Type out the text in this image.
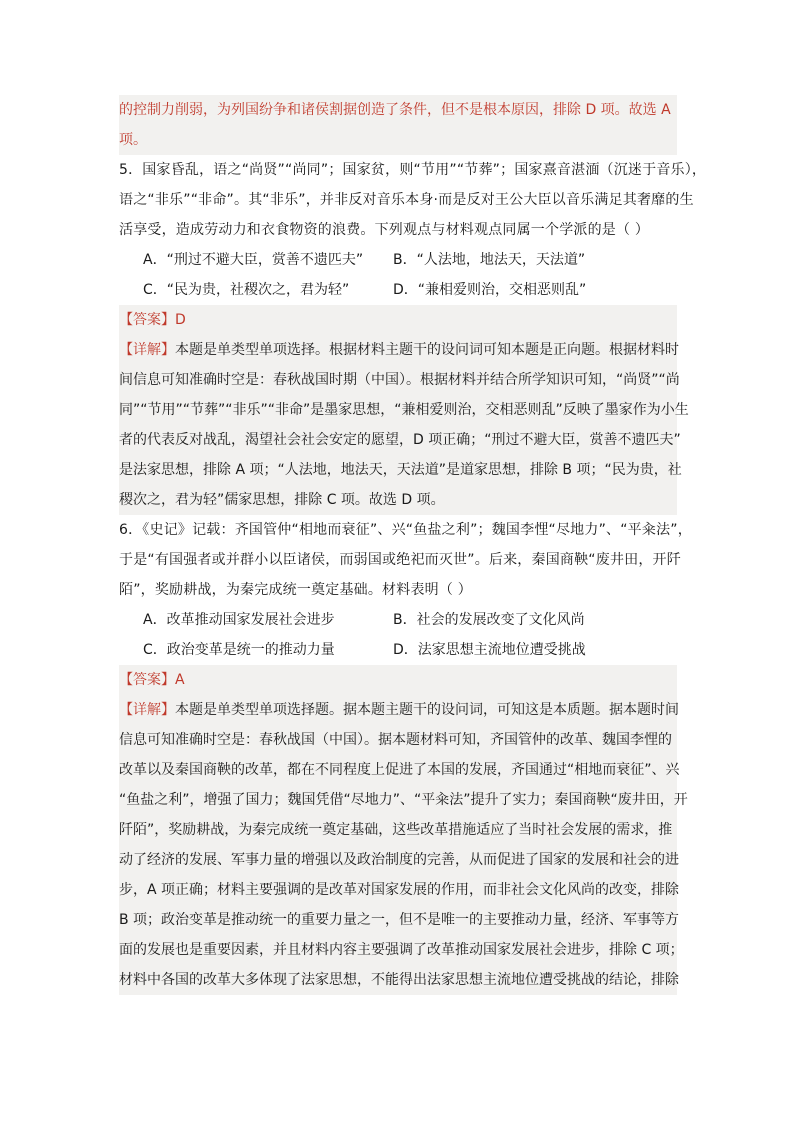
的控制力削弱，为列国纷争和诸侯割据创造了条件，但不是根本原因，排除 D 项。故选 A
项。
5．国家昏乱，语之“尚贤”“尚同”；国家贫，则“节用”“节葬”；国家熹音湛湎（沉迷于音乐），
语之“非乐”“非命”。其“非乐”，并非反对音乐本身·而是反对王公大臣以音乐满足其奢靡的生
活享受，造成劳动力和衣食物资的浪费。下列观点与材料观点同属一个学派的是（ ）
A．“刑过不避大臣，赏善不遗匹夫”	B．“人法地，地法天，天法道”
C．“民为贵，社稷次之，君为轻”	D．“兼相爱则治，交相恶则乱”
【答案】D
【详解】本题是单类型单项选择。根据材料主题干的设问词可知本题是正向题。根据材料时
间信息可知准确时空是：春秋战国时期（中国）。根据材料并结合所学知识可知，“尚贤”“尚
同”“节用”“节葬”“非乐”“非命”是墨家思想，“兼相爱则治，交相恶则乱”反映了墨家作为小生
者的代表反对战乱，渴望社会社会安定的愿望，D 项正确；“刑过不避大臣，赏善不遗匹夫”
是法家思想，排除 A 项；“人法地，地法天，天法道”是道家思想，排除 B 项；“民为贵，社
稷次之，君为轻”儒家思想，排除 C 项。故选 D 项。
6．《史记》记载：齐国管仲“相地而衰征”、兴“鱼盐之利”；魏国李悝“尽地力”、“平籴法”，
于是“有国强者或并群小以臣诸侯，而弱国或绝祀而灭世”。后来，秦国商鞅“废井田，开阡
陌”，奖励耕战，为秦完成统一奠定基础。材料表明（ ）
A．改革推动国家发展社会进步	B．社会的发展改变了文化风尚
C．政治变革是统一的推动力量	D．法家思想主流地位遭受挑战
【答案】A
【详解】本题是单类型单项选择题。据本题主题干的设问词，可知这是本质题。据本题时间
信息可知准确时空是：春秋战国（中国）。据本题材料可知，齐国管仲的改革、魏国李悝的
改革以及秦国商鞅的改革，都在不同程度上促进了本国的发展，齐国通过“相地而衰征”、兴
“鱼盐之利”，增强了国力；魏国凭借“尽地力”、“平籴法”提升了实力；秦国商鞅“废井田，开
阡陌”，奖励耕战，为秦完成统一奠定基础，这些改革措施适应了当时社会发展的需求，推
动了经济的发展、军事力量的增强以及政治制度的完善，从而促进了国家的发展和社会的进
步，A 项正确；材料主要强调的是改革对国家发展的作用，而非社会文化风尚的改变，排除
B 项；政治变革是推动统一的重要力量之一，但不是唯一的主要推动力量，经济、军事等方
面的发展也是重要因素，并且材料内容主要强调了改革推动国家发展社会进步，排除 C 项；
材料中各国的改革大多体现了法家思想，不能得出法家思想主流地位遭受挑战的结论，排除
